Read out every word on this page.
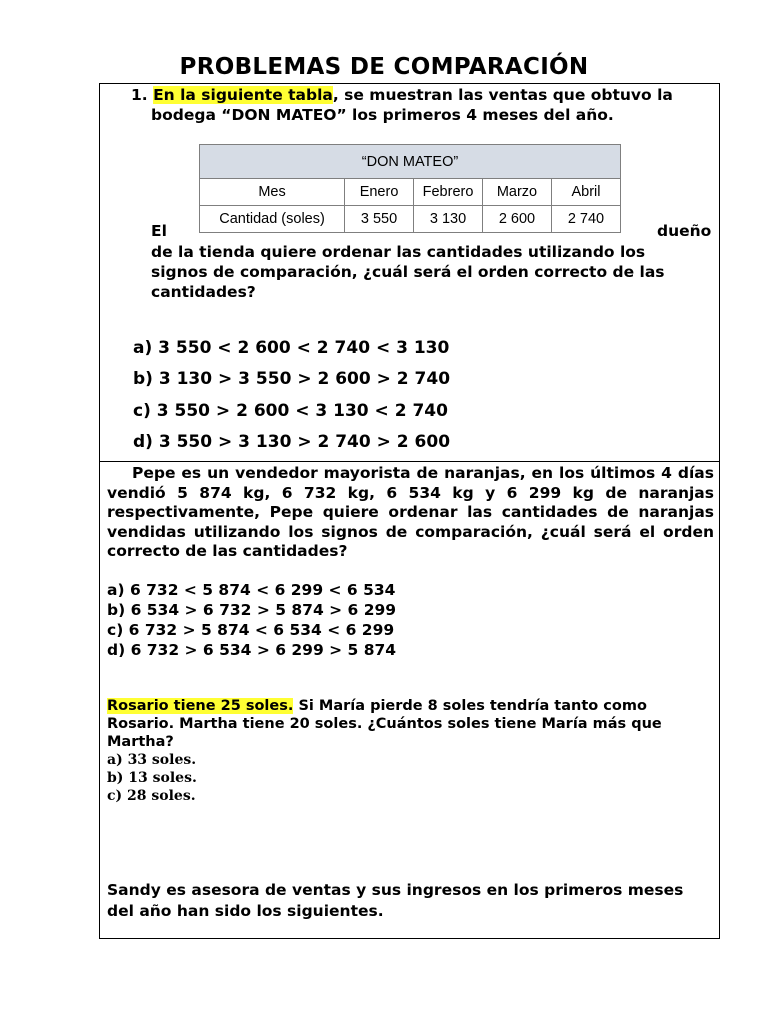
PROBLEMAS DE COMPARACIÓN
1. En la siguiente tabla, se muestran las ventas que obtuvo la
bodega “DON MATEO” los primeros 4 meses del año.
“DON MATEO”				
Mes	Enero	Febrero	Marzo	Abril
Cantidad (soles)	3 550	3 130	2 600	2 740
El	dueño
de la tienda quiere ordenar las cantidades utilizando los
signos de comparación, ¿cuál será el orden correcto de las
cantidades?
a) 3 550 < 2 600 < 2 740 < 3 130
b) 3 130 > 3 550 > 2 600 > 2 740
c) 3 550 > 2 600 < 3 130 < 2 740
d) 3 550 > 3 130 > 2 740 > 2 600
Pepe es un vendedor mayorista de naranjas, en los últimos 4 días vendió 5 874 kg, 6 732 kg, 6 534 kg y 6 299 kg de naranjas respectivamente, Pepe quiere ordenar las cantidades de naranjas vendidas utilizando los signos de comparación, ¿cuál será el orden correcto de las cantidades?
a) 6 732 < 5 874 < 6 299 < 6 534
b) 6 534 > 6 732 > 5 874 > 6 299
c) 6 732 > 5 874 < 6 534 < 6 299
d) 6 732 > 6 534 > 6 299 > 5 874
Rosario tiene 25 soles. Si María pierde 8 soles tendría tanto como Rosario. Martha tiene 20 soles. ¿Cuántos soles tiene María más que Martha?
a) 33 soles.
b) 13 soles.
c) 28 soles.
Sandy es asesora de ventas y sus ingresos en los primeros meses del año han sido los siguientes.
